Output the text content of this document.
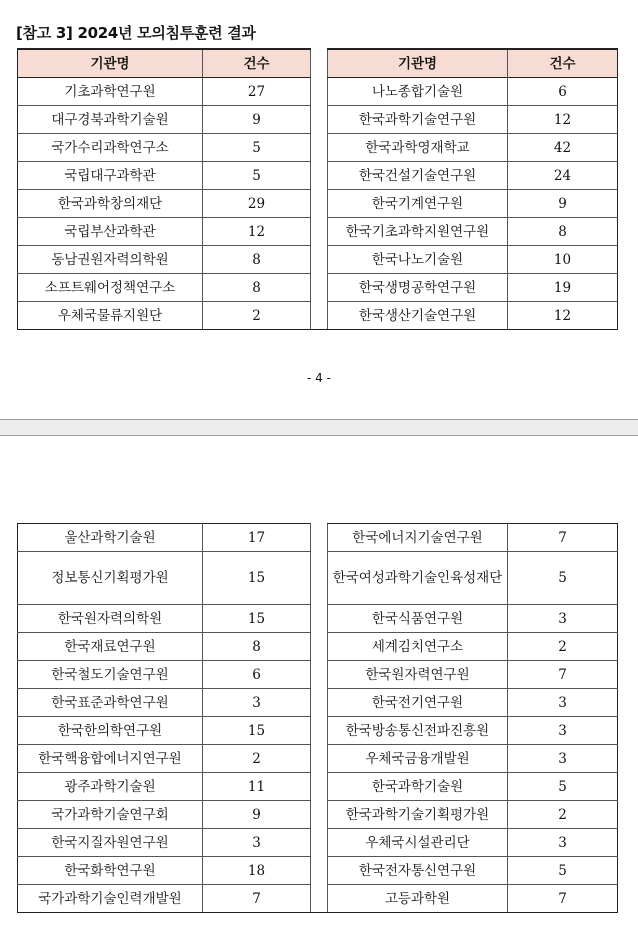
[참고 3] 2024년 모의침투훈련 결과
기관명	건수		기관명	건수
기초과학연구원	27		나노종합기술원	6
대구경북과학기술원	9		한국과학기술연구원	12
국가수리과학연구소	5		한국과학영재학교	42
국립대구과학관	5		한국건설기술연구원	24
한국과학창의재단	29		한국기계연구원	9
국립부산과학관	12		한국기초과학지원연구원	8
동남권원자력의학원	8		한국나노기술원	10
소프트웨어정책연구소	8		한국생명공학연구원	19
우체국물류지원단	2		한국생산기술연구원	12
- 4 -
울산과학기술원	17		한국에너지기술연구원	7
정보통신기획평가원	15		한국여성과학기술인육성재단	5
한국원자력의학원	15		한국식품연구원	3
한국재료연구원	8		세계김치연구소	2
한국철도기술연구원	6		한국원자력연구원	7
한국표준과학연구원	3		한국전기연구원	3
한국한의학연구원	15		한국방송통신전파진흥원	3
한국핵융합에너지연구원	2		우체국금융개발원	3
광주과학기술원	11		한국과학기술원	5
국가과학기술연구회	9		한국과학기술기획평가원	2
한국지질자원연구원	3		우체국시설관리단	3
한국화학연구원	18		한국전자통신연구원	5
국가과학기술인력개발원	7		고등과학원	7
